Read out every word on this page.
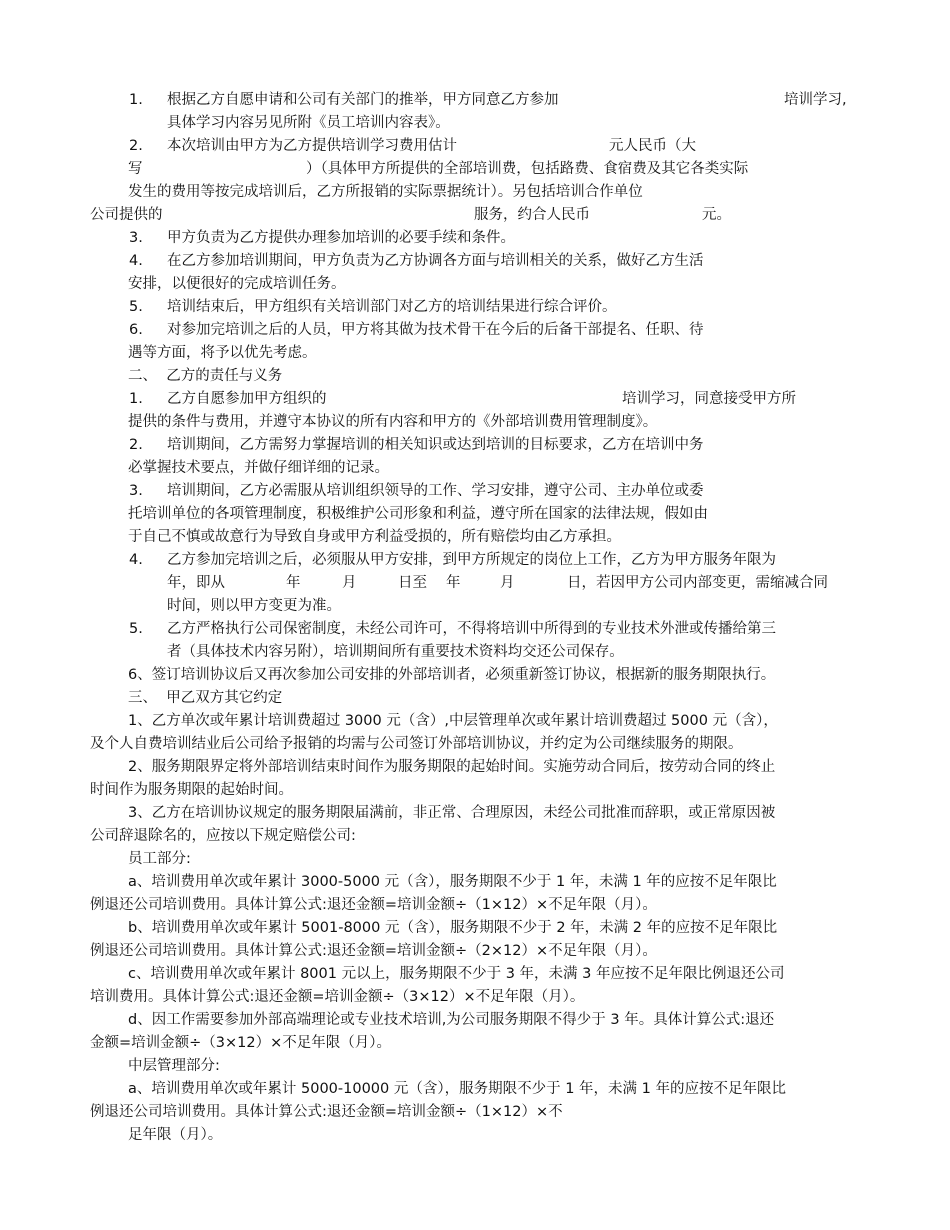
1. 根据乙方自愿申请和公司有关部门的推举，甲方同意乙方参加	培训学习,
具体学习内容另见所附《员工培训内容表》。
2. 本次培训由甲方为乙方提供培训学习费用估计	元人民币（大
写	）（具体甲方所提供的全部培训费，包括路费、食宿费及其它各类实际
发生的费用等按完成培训后，乙方所报销的实际票据统计）。另包括培训合作单位
公司提供的	服务，约合人民币	元。
3. 甲方负责为乙方提供办理参加培训的必要手续和条件。
4. 在乙方参加培训期间，甲方负责为乙方协调各方面与培训相关的关系，做好乙方生活
安排，以便很好的完成培训任务。
5. 培训结束后，甲方组织有关培训部门对乙方的培训结果进行综合评价。
6. 对参加完培训之后的人员，甲方将其做为技术骨干在今后的后备干部提名、任职、待
遇等方面，将予以优先考虑。
二、  乙方的责任与义务
1. 乙方自愿参加甲方组织的	培训学习，同意接受甲方所
提供的条件与费用，并遵守本协议的所有内容和甲方的《外部培训费用管理制度》。
2. 培训期间，乙方需努力掌握培训的相关知识或达到培训的目标要求，乙方在培训中务
必掌握技术要点，并做仔细详细的记录。
3. 培训期间，乙方必需服从培训组织领导的工作、学习安排，遵守公司、主办单位或委
托培训单位的各项管理制度，积极维护公司形象和利益，遵守所在国家的法律法规，假如由
于自己不慎或故意行为导致自身或甲方利益受损的，所有赔偿均由乙方承担。
4. 乙方参加完培训之后，必须服从甲方安排，到甲方所规定的岗位上工作，乙方为甲方服务年限为
年，即从	年	月	日至 年	月	日，若因甲方公司内部变更，需缩减合同
时间，则以甲方变更为准。
5. 乙方严格执行公司保密制度，未经公司许可，不得将培训中所得到的专业技术外泄或传播给第三
者（具体技术内容另附），培训期间所有重要技术资料均交还公司保存。
6、签订培训协议后又再次参加公司安排的外部培训者，必须重新签订协议，根据新的服务期限执行。
三、  甲乙双方其它约定
1、乙方单次或年累计培训费超过 3000 元（含）,中层管理单次或年累计培训费超过 5000 元（含），
及个人自费培训结业后公司给予报销的均需与公司签订外部培训协议，并约定为公司继续服务的期限。
2、服务期限界定将外部培训结束时间作为服务期限的起始时间。实施劳动合同后，按劳动合同的终止
时间作为服务期限的起始时间。
3、乙方在培训协议规定的服务期限届满前，非正常、合理原因，未经公司批准而辞职，或正常原因被
公司辞退除名的，应按以下规定赔偿公司:
员工部分:
a、培训费用单次或年累计 3000-5000 元（含），服务期限不少于 1 年，未满 1 年的应按不足年限比
例退还公司培训费用。具体计算公式:退还金额=培训金额÷（1×12）×不足年限（月）。
b、培训费用单次或年累计 5001-8000 元（含），服务期限不少于 2 年，未满 2 年的应按不足年限比
例退还公司培训费用。具体计算公式:退还金额=培训金额÷（2×12）×不足年限（月）。
c、培训费用单次或年累计 8001 元以上，服务期限不少于 3 年，未满 3 年应按不足年限比例退还公司
培训费用。具体计算公式:退还金额=培训金额÷（3×12）×不足年限（月）。
d、因工作需要参加外部高端理论或专业技术培训,为公司服务期限不得少于 3 年。具体计算公式:退还
金额=培训金额÷（3×12）×不足年限（月）。
中层管理部分:
a、培训费用单次或年累计 5000-10000 元（含），服务期限不少于 1 年，未满 1 年的应按不足年限比
例退还公司培训费用。具体计算公式:退还金额=培训金额÷（1×12）×不
足年限（月）。
